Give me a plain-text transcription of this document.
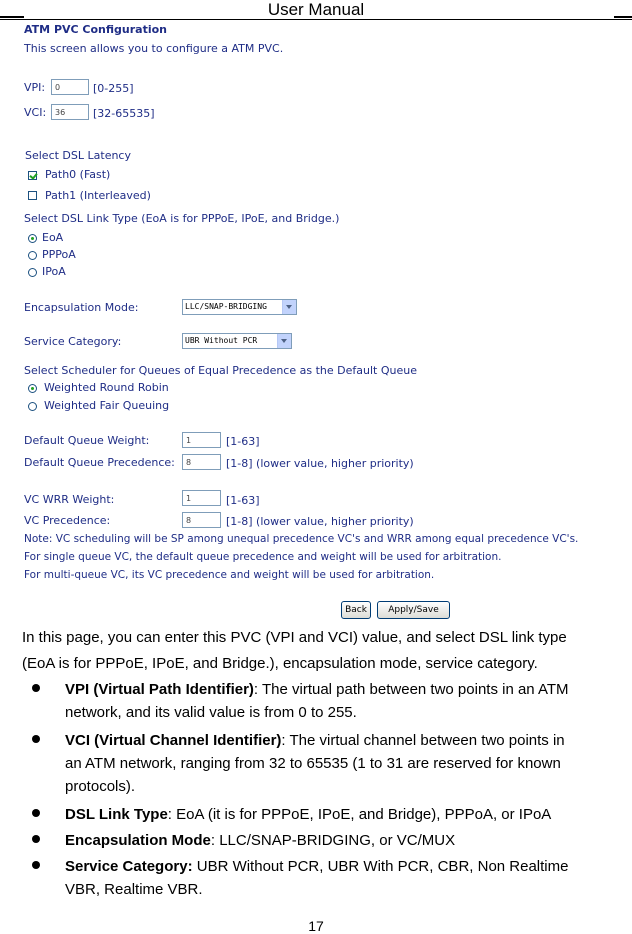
User Manual
ATM PVC Configuration
This screen allows you to configure a ATM PVC.
VPI:	0	[0-255]
VCI:	36	[32-65535]
Select DSL Latency
Path0 (Fast)
Path1 (Interleaved)
Select DSL Link Type (EoA is for PPPoE, IPoE, and Bridge.)
EoA
PPPoA
IPoA
Encapsulation Mode:	LLC/SNAP-BRIDGING
Service Category:	UBR Without PCR
Select Scheduler for Queues of Equal Precedence as the Default Queue
Weighted Round Robin
Weighted Fair Queuing
Default Queue Weight:	1	[1-63]
Default Queue Precedence:	8	[1-8] (lower value, higher priority)
VC WRR Weight:	1	[1-63]
VC Precedence:	8	[1-8] (lower value, higher priority)
Note: VC scheduling will be SP among unequal precedence VC's and WRR among equal precedence VC's.
For single queue VC, the default queue precedence and weight will be used for arbitration.
For multi-queue VC, its VC precedence and weight will be used for arbitration.
Back	Apply/Save
In this page, you can enter this PVC (VPI and VCI) value, and select DSL link type
(EoA is for PPPoE, IPoE, and Bridge.), encapsulation mode, service category.
VPI (Virtual Path Identifier): The virtual path between two points in an ATM
network, and its valid value is from 0 to 255.
VCI (Virtual Channel Identifier): The virtual channel between two points in
an ATM network, ranging from 32 to 65535 (1 to 31 are reserved for known
protocols).
DSL Link Type: EoA (it is for PPPoE, IPoE, and Bridge), PPPoA, or IPoA
Encapsulation Mode: LLC/SNAP-BRIDGING, or VC/MUX
Service Category: UBR Without PCR, UBR With PCR, CBR, Non Realtime
VBR, Realtime VBR.
17
